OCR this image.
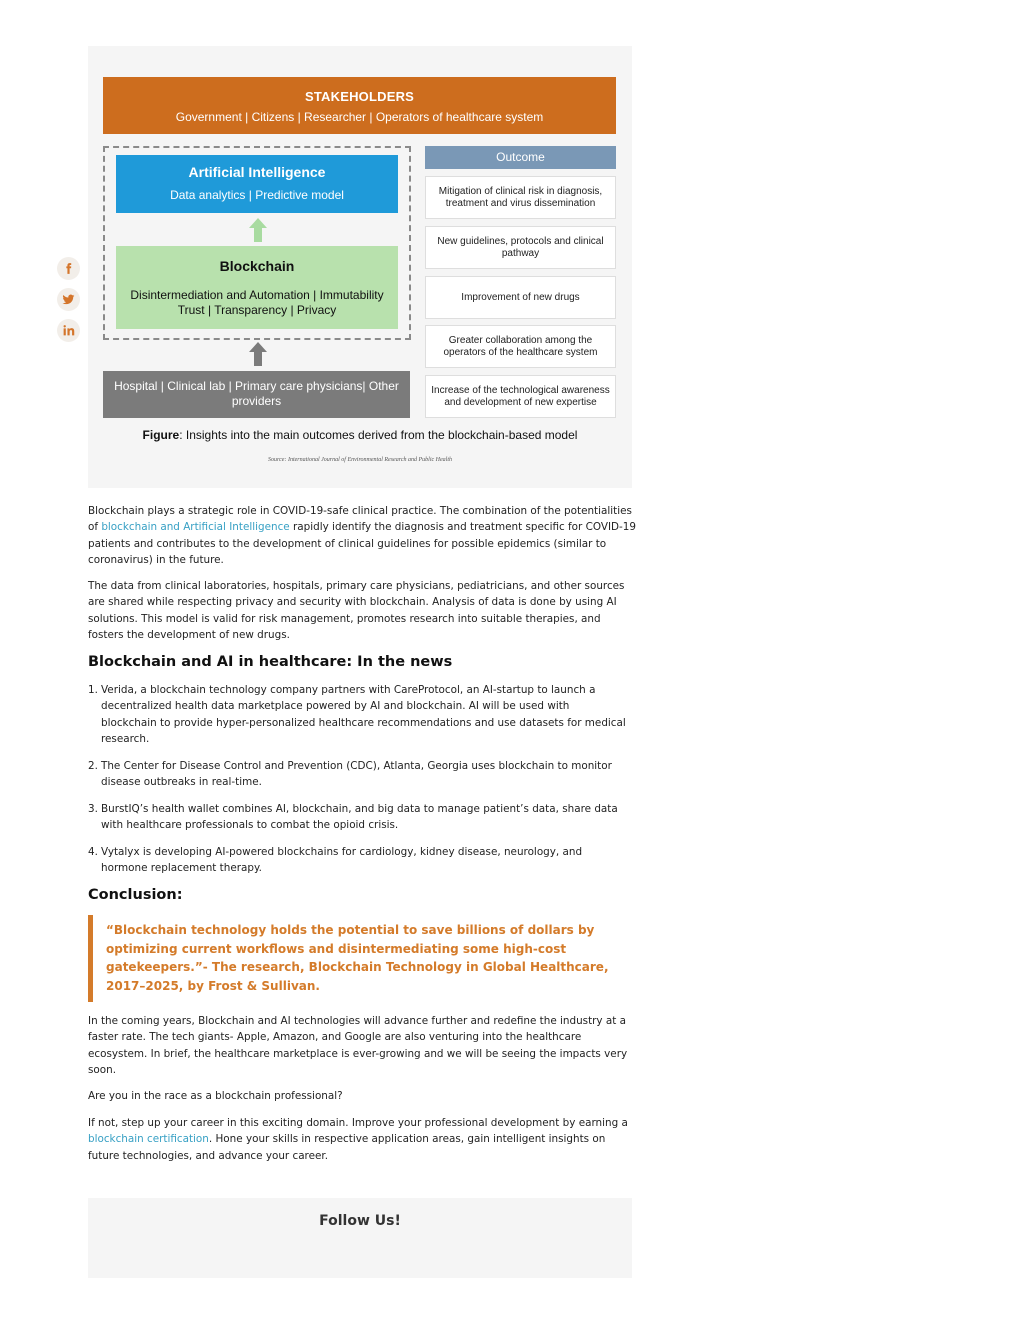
STAKEHOLDERS
Government | Citizens | Researcher | Operators of healthcare system
Artificial Intelligence
Data analytics | Predictive model
Blockchain
Disintermediation and Automation | Immutability Trust | Transparency | Privacy
Hospital | Clinical lab | Primary care physicians| Other providers
Outcome
Mitigation of clinical risk in diagnosis, treatment and virus dissemination
New guidelines, protocols and clinical pathway
Improvement of new drugs
Greater collaboration among the operators of the healthcare system
Increase of the technological awareness and development of new expertise
Figure: Insights into the main outcomes derived from the blockchain-based model
Source: International Journal of Environmental Research and Public Health
Blockchain plays a strategic role in COVID-19-safe clinical practice. The combination of the potentialities of blockchain and Artificial Intelligence rapidly identify the diagnosis and treatment specific for COVID-19 patients and contributes to the development of clinical guidelines for possible epidemics (similar to coronavirus) in the future.
The data from clinical laboratories, hospitals, primary care physicians, pediatricians, and other sources are shared while respecting privacy and security with blockchain. Analysis of data is done by using AI solutions. This model is valid for risk management, promotes research into suitable therapies, and fosters the development of new drugs.
Blockchain and AI in healthcare: In the news
1. Verida, a blockchain technology company partners with CareProtocol, an AI-startup to launch a decentralized health data marketplace powered by AI and blockchain. AI will be used with blockchain to provide hyper-personalized healthcare recommendations and use datasets for medical research.
2. The Center for Disease Control and Prevention (CDC), Atlanta, Georgia uses blockchain to monitor disease outbreaks in real-time.
3. BurstIQ’s health wallet combines AI, blockchain, and big data to manage patient’s data, share data with healthcare professionals to combat the opioid crisis.
4. Vytalyx is developing AI-powered blockchains for cardiology, kidney disease, neurology, and hormone replacement therapy.
Conclusion:
“Blockchain technology holds the potential to save billions of dollars by optimizing current workflows and disintermediating some high-cost gatekeepers.”- The research, Blockchain Technology in Global Healthcare, 2017–2025, by Frost & Sullivan.
In the coming years, Blockchain and AI technologies will advance further and redefine the industry at a faster rate. The tech giants- Apple, Amazon, and Google are also venturing into the healthcare ecosystem. In brief, the healthcare marketplace is ever-growing and we will be seeing the impacts very soon.
Are you in the race as a blockchain professional?
If not, step up your career in this exciting domain. Improve your professional development by earning a blockchain certification. Hone your skills in respective application areas, gain intelligent insights on future technologies, and advance your career.
Follow Us!
